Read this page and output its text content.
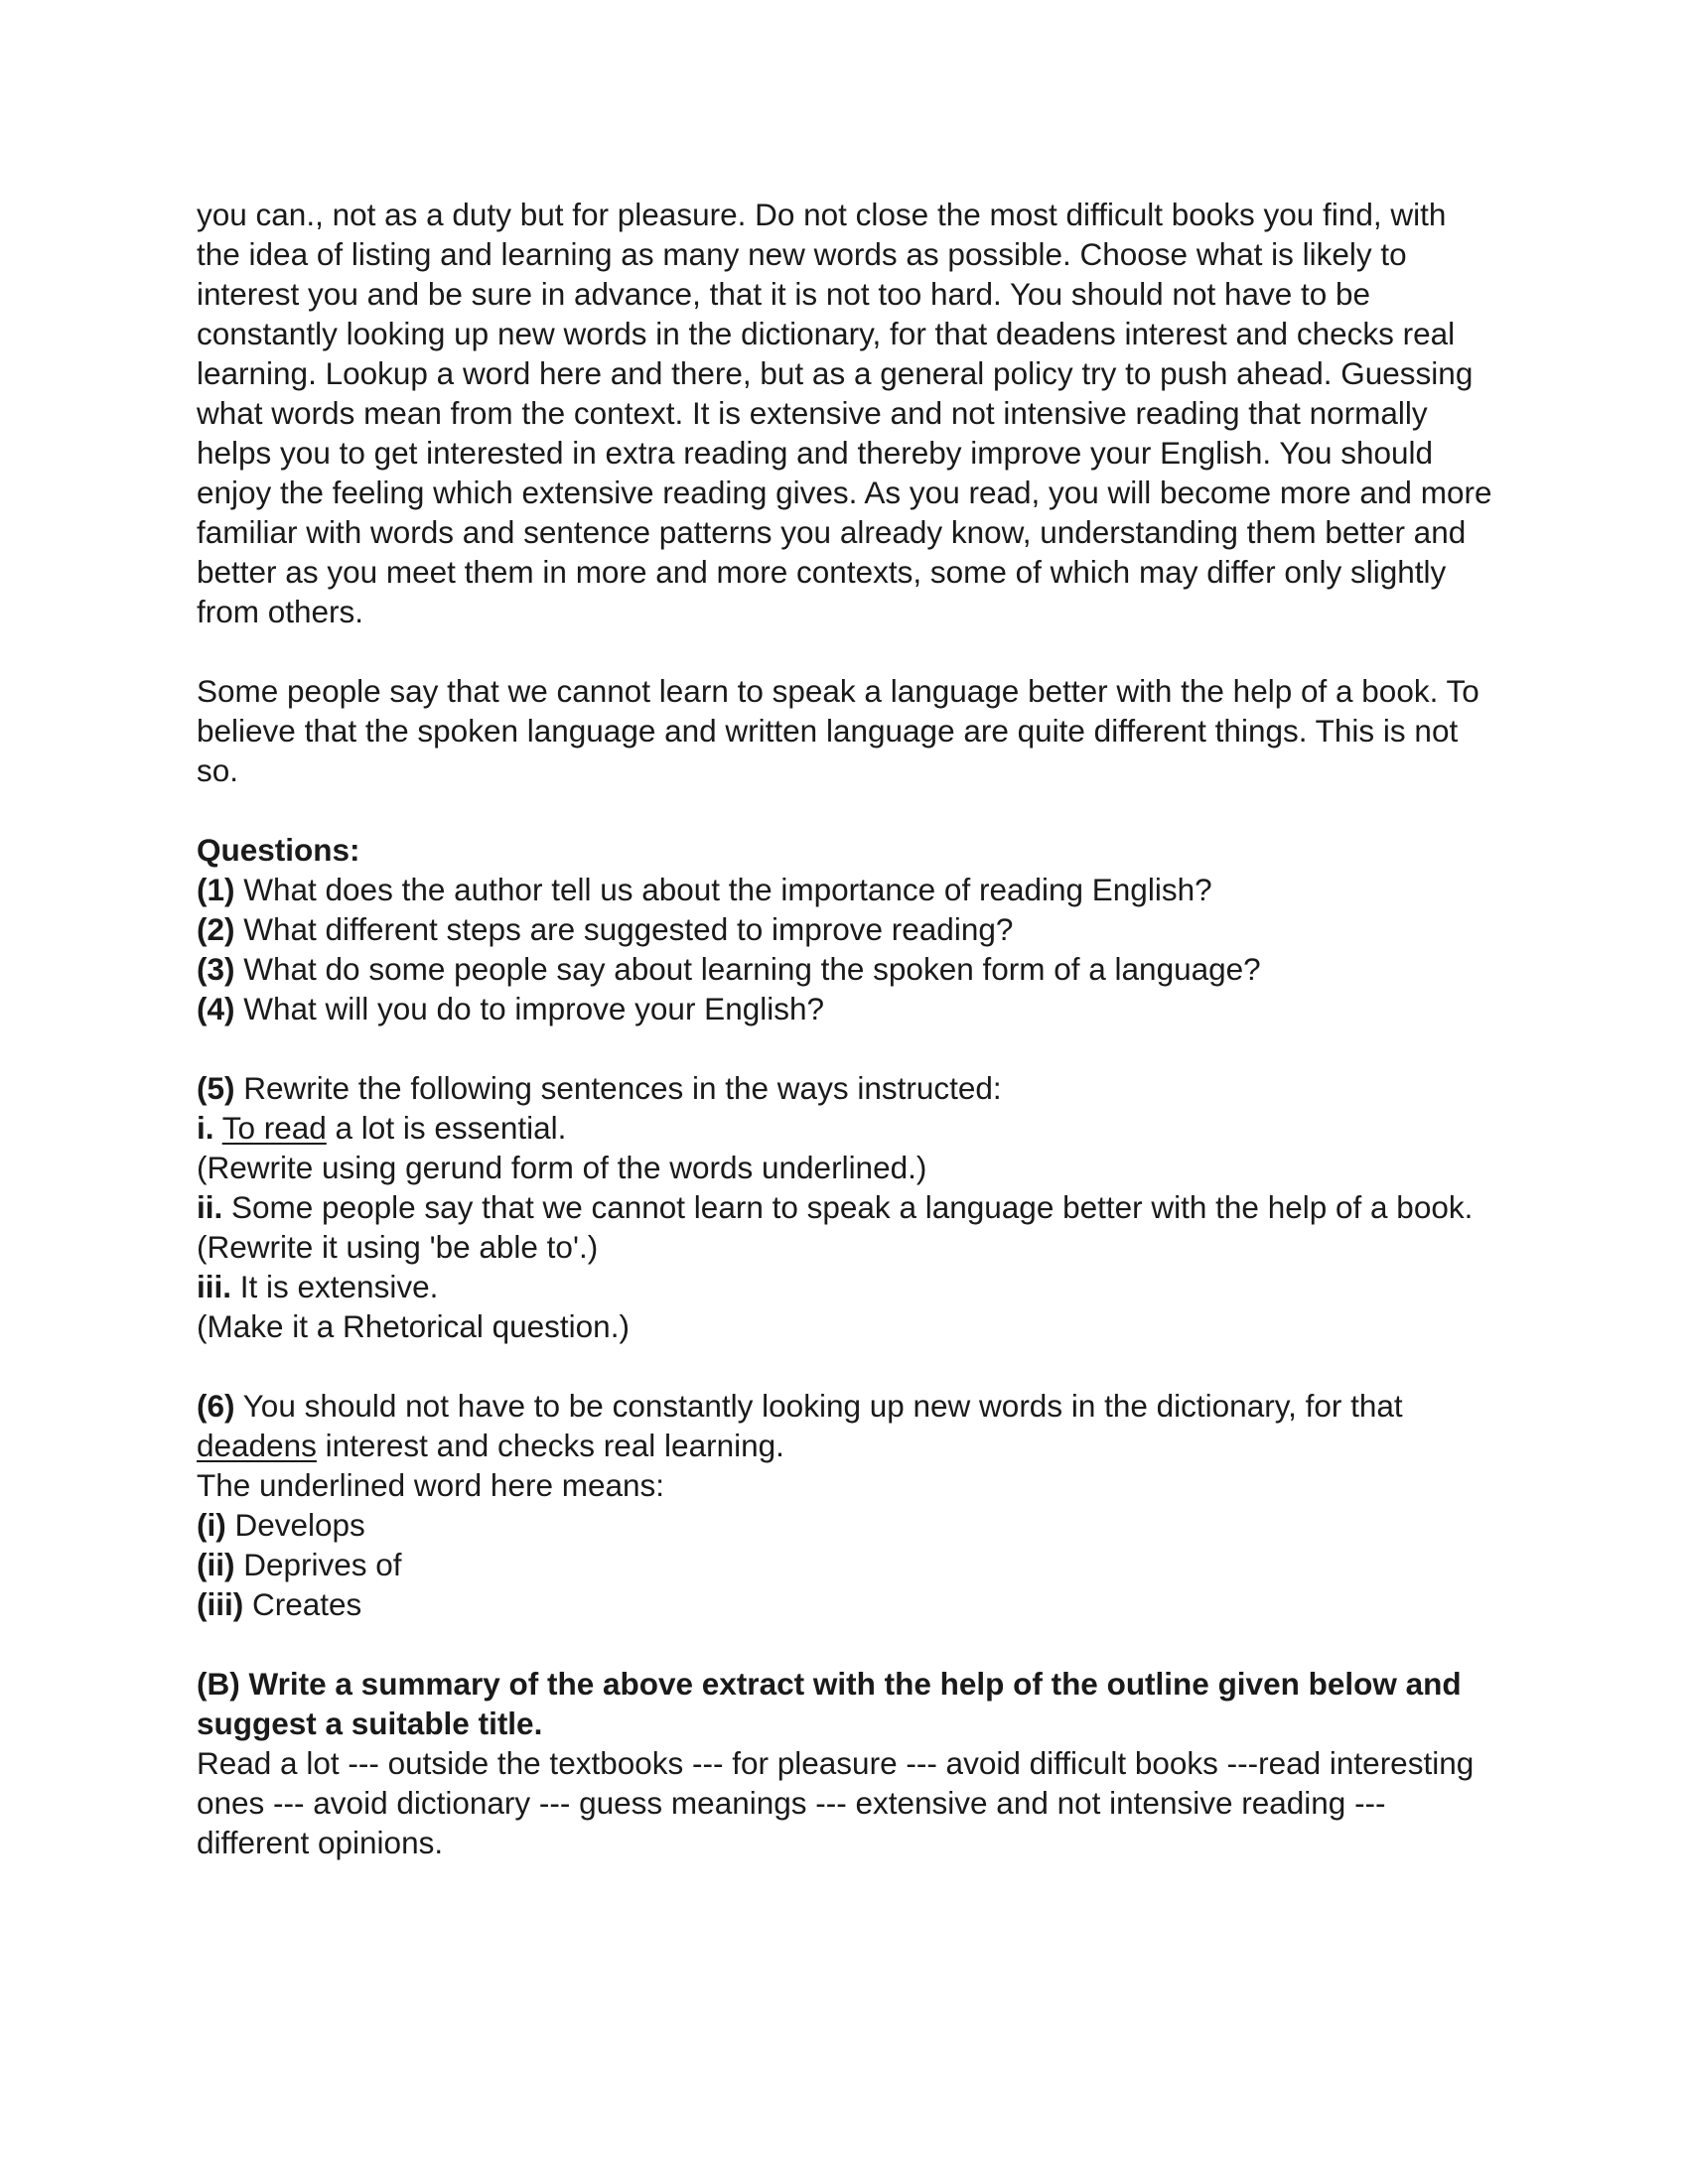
you can., not as a duty but for pleasure. Do not close the most difficult books you find, with the idea of listing and learning as many new words as possible. Choose what is likely to interest you and be sure in advance, that it is not too hard. You should not have to be constantly looking up new words in the dictionary, for that deadens interest and checks real learning. Lookup a word here and there, but as a general policy try to push ahead. Guessing what words mean from the context. It is extensive and not intensive reading that normally helps you to get interested in extra reading and thereby improve your English. You should enjoy the feeling which extensive reading gives. As you read, you will become more and more familiar with words and sentence patterns you already know, understanding them better and better as you meet them in more and more contexts, some of which may differ only slightly from others.

Some people say that we cannot learn to speak a language better with the help of a book. To believe that the spoken language and written language are quite different things. This is not so.

Questions:

(1) What does the author tell us about the importance of reading English?

(2) What different steps are suggested to improve reading?

(3) What do some people say about learning the spoken form of a language?

(4) What will you do to improve your English?

(5) Rewrite the following sentences in the ways instructed:

i. To read a lot is essential.

(Rewrite using gerund form of the words underlined.)

ii. Some people say that we cannot learn to speak a language better with the help of a book.

(Rewrite it using 'be able to'.)

iii. It is extensive.

(Make it a Rhetorical question.)

(6) You should not have to be constantly looking up new words in the dictionary, for that deadens interest and checks real learning.

The underlined word here means:

(i) Develops

(ii) Deprives of

(iii) Creates

(B) Write a summary of the above extract with the help of the outline given below and suggest a suitable title.

Read a lot --- outside the textbooks --- for pleasure --- avoid difficult books ---read interesting ones --- avoid dictionary --- guess meanings --- extensive and not intensive reading --- different opinions.
